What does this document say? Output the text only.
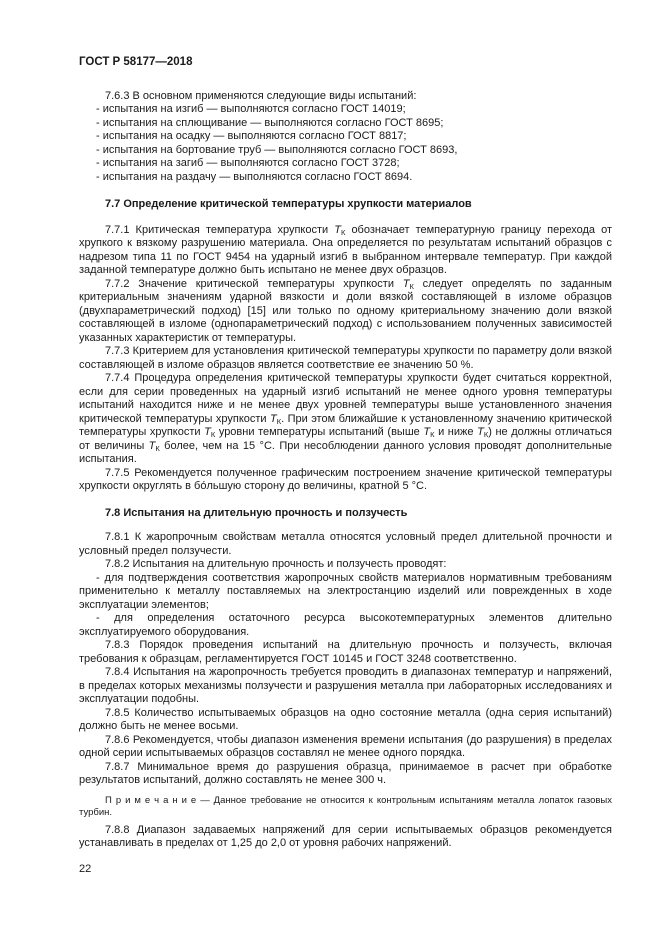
ГОСТ Р 58177—2018

7.6.3 В основном применяются следующие виды испытаний:

- испытания на изгиб — выполняются согласно ГОСТ 14019;

- испытания на сплющивание — выполняются согласно ГОСТ 8695;

- испытания на осадку — выполняются согласно ГОСТ 8817;

- испытания на бортование труб — выполняются согласно ГОСТ 8693,

- испытания на загиб — выполняются согласно ГОСТ 3728;

- испытания на раздачу — выполняются согласно ГОСТ 8694.

7.7 Определение критической температуры хрупкости материалов

7.7.1 Критическая температура хрупкости $T_К$ обозначает температурную границу перехода от хрупкого к вязкому разрушению материала. Она определяется по результатам испытаний образцов с надрезом типа 11 по ГОСТ 9454 на ударный изгиб в выбранном интервале температур. При каждой заданной температуре должно быть испытано не менее двух образцов.

7.7.2 Значение критической температуры хрупкости $T_К$ следует определять по заданным критериальным значениям ударной вязкости и доли вязкой составляющей в изломе образцов (двухпараметрический подход) [15] или только по одному критериальному значению доли вязкой составляющей в изломе (однопараметрический подход) с использованием полученных зависимостей указанных характеристик от температуры.

7.7.3 Критерием для установления критической температуры хрупкости по параметру доли вязкой составляющей в изломе образцов является соответствие ее значению 50 %.

7.7.4 Процедура определения критической температуры хрупкости будет считаться корректной, если для серии проведенных на ударный изгиб испытаний не менее одного уровня температуры испытаний находится ниже и не менее двух уровней температуры выше установленного значения критической температуры хрупкости $T_К$. При этом ближайшие к установленному значению критической температуры хрупкости $T_К$ уровни температуры испытаний (выше $T_К$ и ниже $T_К$) не должны отличаться от величины $T_К$ более, чем на 15 °С. При несоблюдении данного условия проводят дополнительные испытания.

7.7.5 Рекомендуется полученное графическим построением значение критической температуры хрупкости округлять в бо́льшую сторону до величины, кратной 5 °С.

7.8 Испытания на длительную прочность и ползучесть

7.8.1 К жаропрочным свойствам металла относятся условный предел длительной прочности и условный предел ползучести.

7.8.2 Испытания на длительную прочность и ползучесть проводят:

- для подтверждения соответствия жаропрочных свойств материалов нормативным требованиям применительно к металлу поставляемых на электростанцию изделий или поврежденных в ходе эксплуатации элементов;

- для определения остаточного ресурса высокотемпературных элементов длительно эксплуатируемого оборудования.

7.8.3 Порядок проведения испытаний на длительную прочность и ползучесть, включая требования к образцам, регламентируется ГОСТ 10145 и ГОСТ 3248 соответственно.

7.8.4 Испытания на жаропрочность требуется проводить в диапазонах температур и напряжений, в пределах которых механизмы ползучести и разрушения металла при лабораторных исследованиях и эксплуатации подобны.

7.8.5 Количество испытываемых образцов на одно состояние металла (одна серия испытаний) должно быть не менее восьми.

7.8.6 Рекомендуется, чтобы диапазон изменения времени испытания (до разрушения) в пределах одной серии испытываемых образцов составлял не менее одного порядка.

7.8.7 Минимальное время до разрушения образца, принимаемое в расчет при обработке результатов испытаний, должно составлять не менее 300 ч.

П р и м е ч а н и е — Данное требование не относится к контрольным испытаниям металла лопаток газовых турбин.

7.8.8 Диапазон задаваемых напряжений для серии испытываемых образцов рекомендуется устанавливать в пределах от 1,25 до 2,0 от уровня рабочих напряжений.

22
